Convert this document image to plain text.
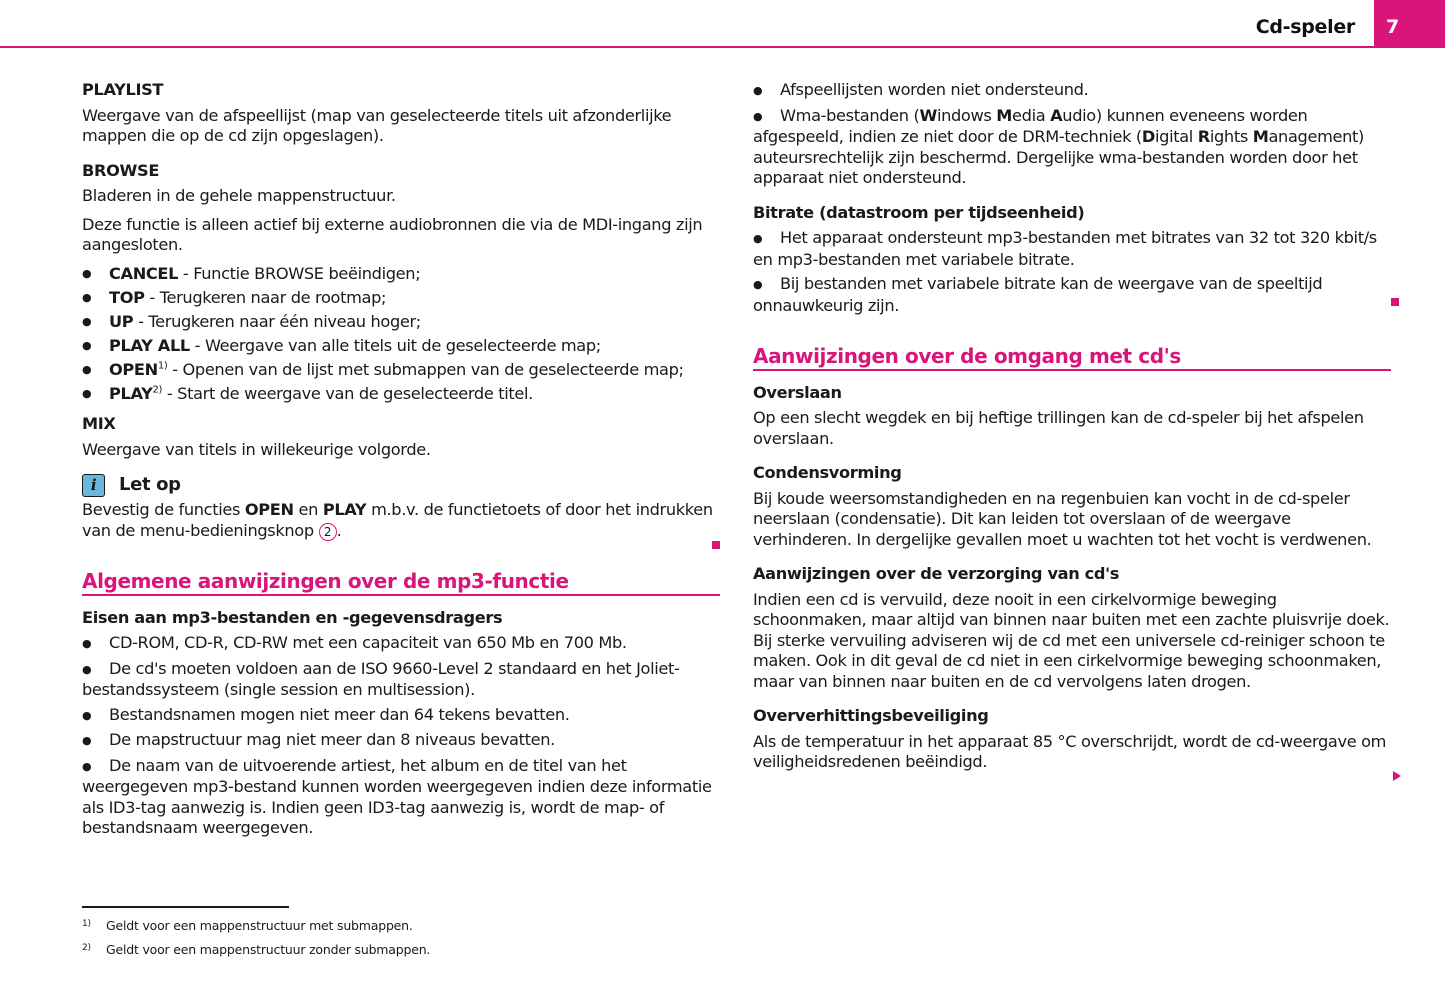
Cd-speler 7
PLAYLIST

Weergave van de afspeellijst (map van geselecteerde titels uit afzonderlijke mappen die op de cd zijn opgeslagen).

BROWSE

Bladeren in de gehele mappenstructuur.

Deze functie is alleen actief bij externe audiobronnen die via de MDI-ingang zijn aangesloten.

● CANCEL - Functie BROWSE beëindigen;
● TOP - Terugkeren naar de rootmap;
● UP - Terugkeren naar één niveau hoger;
● PLAY ALL - Weergave van alle titels uit de geselecteerde map;
● OPEN$^{1)}$ - Openen van de lijst met submappen van de geselecteerde map;
● PLAY$^{2)}$ - Start de weergave van de geselecteerde titel.
MIX

Weergave van titels in willekeurige volgorde.

i	Let op

Bevestig de functies OPEN en PLAY m.b.v. de functietoets of door het indrukken van de menu-bedieningsknop 2 .

Algemene aanwijzingen over de mp3-functie
Eisen aan mp3-bestanden en -gegevensdragers
● CD-ROM, CD-R, CD-RW met een capaciteit van 650 Mb en 700 Mb.
● De cd's moeten voldoen aan de ISO 9660-Level 2 standaard en het Joliet-bestandssysteem (single session en multisession).
● Bestandsnamen mogen niet meer dan 64 tekens bevatten.
● De mapstructuur mag niet meer dan 8 niveaus bevatten.
● De naam van de uitvoerende artiest, het album en de titel van het weergegeven mp3-bestand kunnen worden weergegeven indien deze informatie als ID3-tag aanwezig is. Indien geen ID3-tag aanwezig is, wordt de map- of bestandsnaam weergegeven.
● Afspeellijsten worden niet ondersteund.
● Wma-bestanden (Windows Media Audio) kunnen eveneens worden afgespeeld, indien ze niet door de DRM-techniek (Digital Rights Management) auteursrechtelijk zijn beschermd. Dergelijke wma-bestanden worden door het apparaat niet ondersteund.
Bitrate (datastroom per tijdseenheid)
● Het apparaat ondersteunt mp3-bestanden met bitrates van 32 tot 320 kbit/s en mp3-bestanden met variabele bitrate.
● Bij bestanden met variabele bitrate kan de weergave van de speeltijd onnauwkeurig zijn.
Aanwijzingen over de omgang met cd's
Overslaan

Op een slecht wegdek en bij heftige trillingen kan de cd-speler bij het afspelen overslaan.

Condensvorming

Bij koude weersomstandigheden en na regenbuien kan vocht in de cd-speler neerslaan (condensatie). Dit kan leiden tot overslaan of de weergave verhinderen. In dergelijke gevallen moet u wachten tot het vocht is verdwenen.

Aanwijzingen over de verzorging van cd's

Indien een cd is vervuild, deze nooit in een cirkelvormige beweging schoonmaken, maar altijd van binnen naar buiten met een zachte pluisvrije doek. Bij sterke vervuiling adviseren wij de cd met een universele cd-reiniger schoon te maken. Ook in dit geval de cd niet in een cirkelvormige beweging schoonmaken, maar van binnen naar buiten en de cd vervolgens laten drogen.

Oververhittingsbeveiliging

Als de temperatuur in het apparaat 85 °C overschrijdt, wordt de cd-weergave om veiligheidsredenen beëindigd.

1) Geldt voor een mappenstructuur met submappen.
2) Geldt voor een mappenstructuur zonder submappen.
